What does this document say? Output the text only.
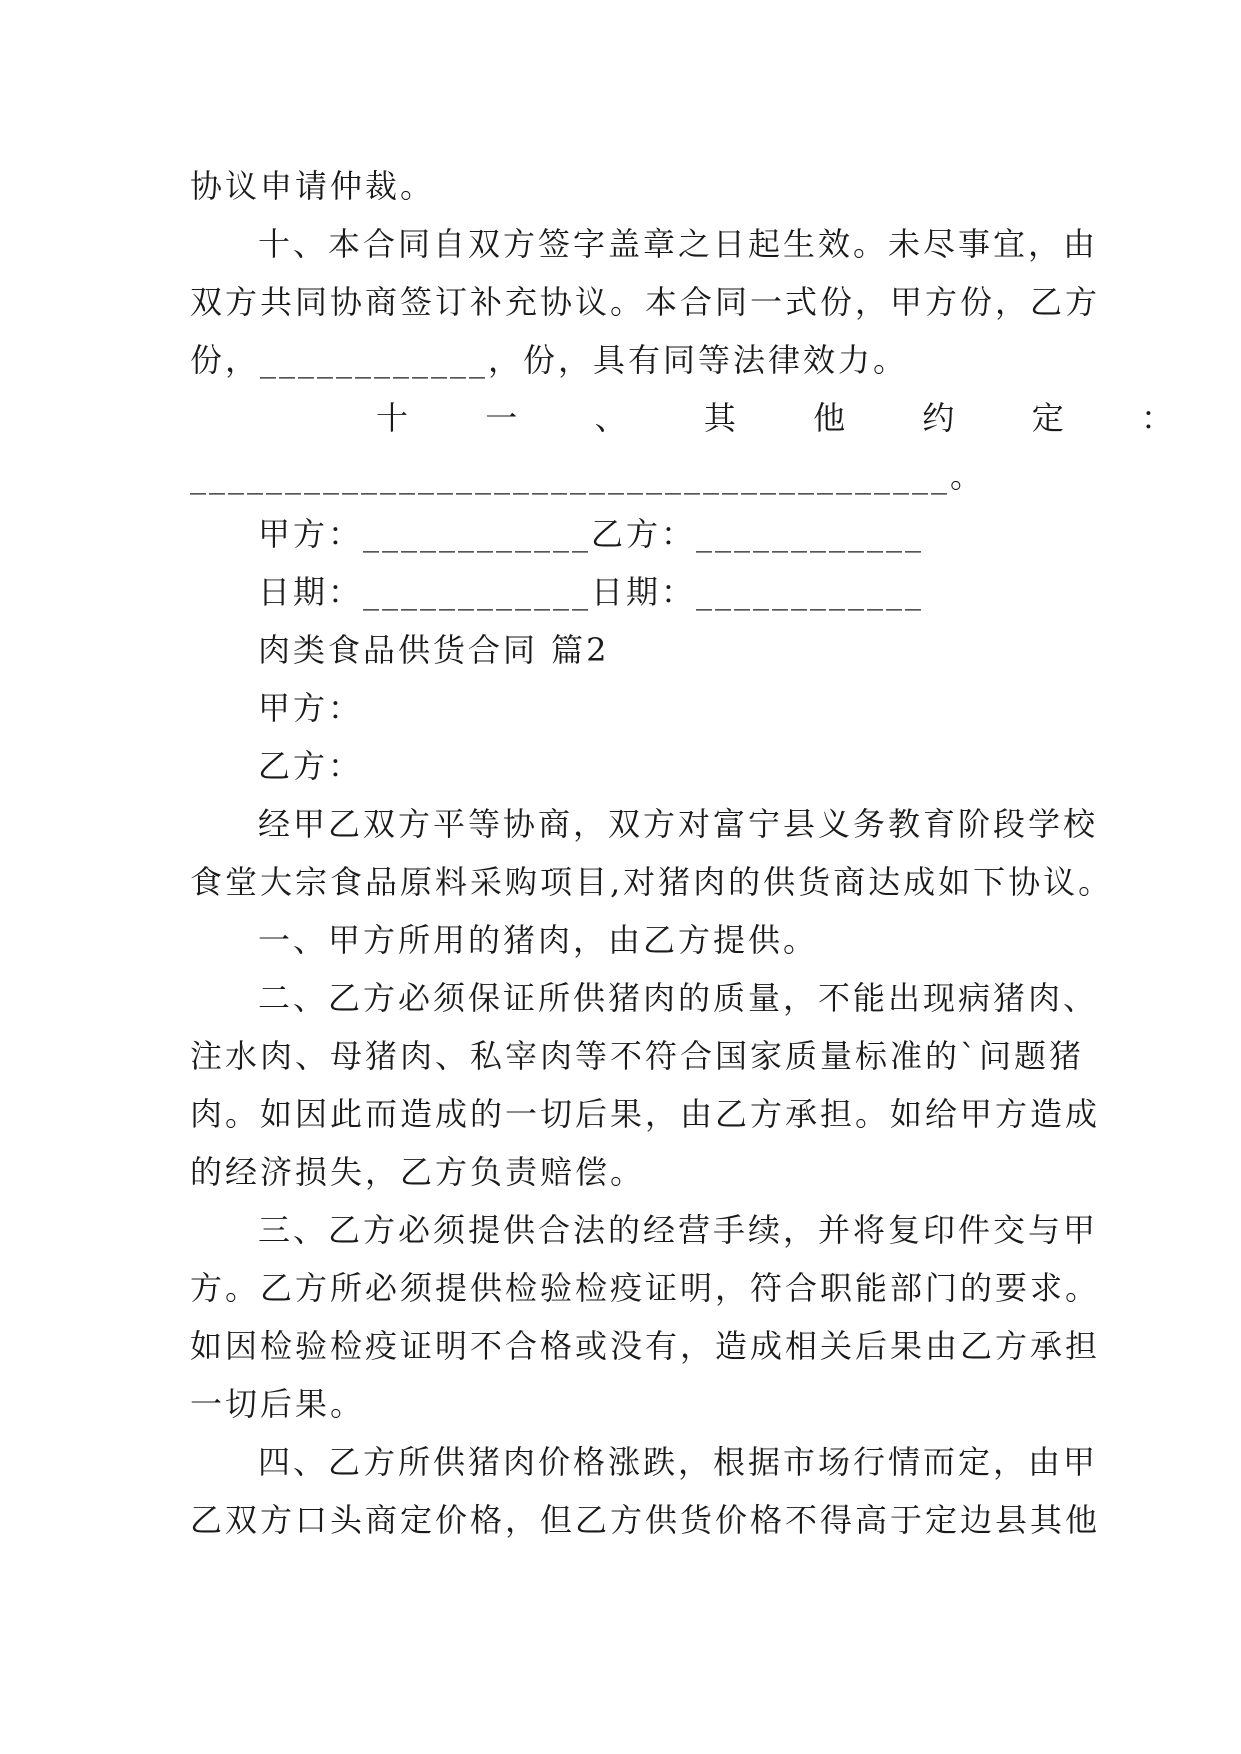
协议申请仲裁。
十、本合同自双方签字盖章之日起生效。未尽事宜，由
双方共同协商签订补充协议。本合同一式份，甲方份，乙方
份，____________，份，具有同等法律效力。
十 一 、 其 他 约 定 ：
________________________________________。
甲方：____________乙方：____________
日期：____________日期：____________
肉类食品供货合同 篇2
甲方：
乙方：
经甲乙双方平等协商，双方对富宁县义务教育阶段学校
食堂大宗食品原料采购项目,对猪肉的供货商达成如下协议。
一、甲方所用的猪肉，由乙方提供。
二、乙方必须保证所供猪肉的质量，不能出现病猪肉、
注水肉、母猪肉、私宰肉等不符合国家质量标准的`问题猪
肉。如因此而造成的一切后果，由乙方承担。如给甲方造成
的经济损失，乙方负责赔偿。
三、乙方必须提供合法的经营手续，并将复印件交与甲
方。乙方所必须提供检验检疫证明，符合职能部门的要求。
如因检验检疫证明不合格或没有，造成相关后果由乙方承担
一切后果。
四、乙方所供猪肉价格涨跌，根据市场行情而定，由甲
乙双方口头商定价格，但乙方供货价格不得高于定边县其他
